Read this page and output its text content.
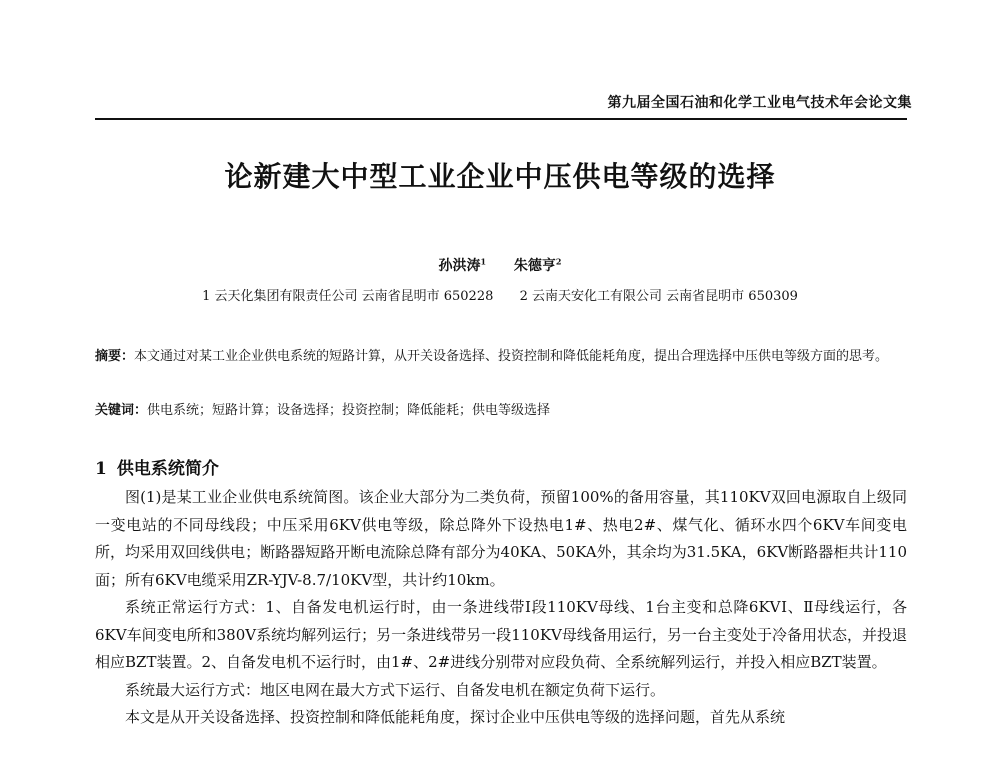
第九届全国石油和化学工业电气技术年会论文集
论新建大中型工业企业中压供电等级的选择
孙洪涛$^1$ 朱德亨$^2$
1 云天化集团有限责任公司 云南省昆明市 650228 2 云南天安化工有限公司 云南省昆明市 650309
摘要：本文通过对某工业企业供电系统的短路计算，从开关设备选择、投资控制和降低能耗角度，提出合理选择中压供电等级方面的思考。
关键词：供电系统；短路计算；设备选择；投资控制；降低能耗；供电等级选择
1 供电系统简介

图(1)是某工业企业供电系统简图。该企业大部分为二类负荷，预留100%的备用容量，其110KV双回电源取自上级同一变电站的不同母线段；中压采用6KV供电等级，除总降外下设热电1#、热电2#、煤气化、循环水四个6KV车间变电所，均采用双回线供电；断路器短路开断电流除总降有部分为40KA、50KA外，其余均为31.5KA，6KV断路器柜共计110面；所有6KV电缆采用ZR-YJV-8.7/10KV型，共计约10km。

系统正常运行方式：1、自备发电机运行时，由一条进线带Ⅰ段110KV母线、1台主变和总降6KVⅠ、Ⅱ母线运行，各6KV车间变电所和380V系统均解列运行；另一条进线带另一段110KV母线备用运行，另一台主变处于冷备用状态，并投退相应BZT装置。2、自备发电机不运行时，由1#、2#进线分别带对应段负荷、全系统解列运行，并投入相应BZT装置。

系统最大运行方式：地区电网在最大方式下运行、自备发电机在额定负荷下运行。

本文是从开关设备选择、投资控制和降低能耗角度，探讨企业中压供电等级的选择问题，首先从系统
